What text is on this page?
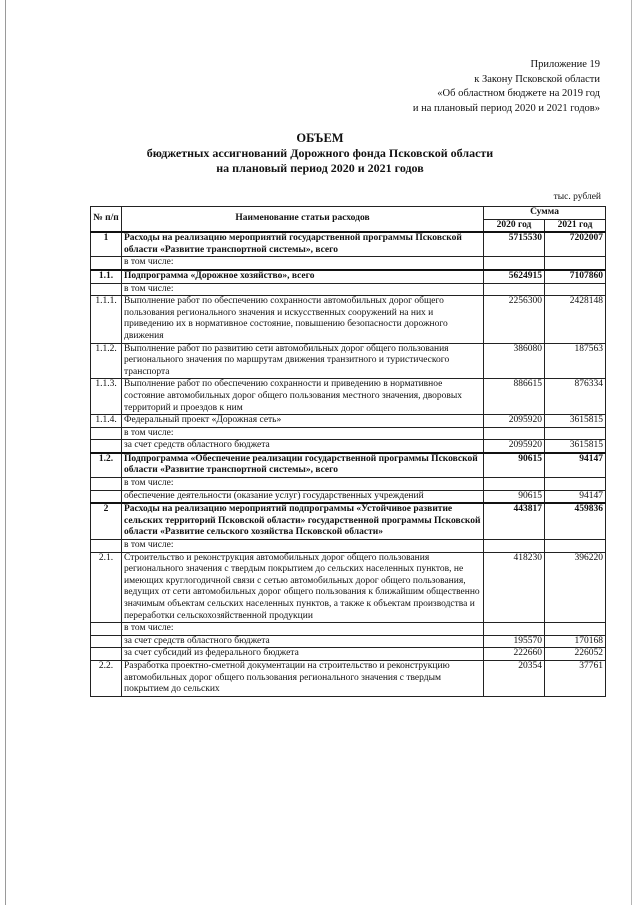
Приложение 19
к Закону Псковской области
«Об областном бюджете на 2019 год
и на плановый период 2020 и 2021 годов»
ОБЪЕМ
бюджетных ассигнований Дорожного фонда Псковской области
на плановый период 2020 и 2021 годов
тыс. рублей
№ п/п	Наименование статьи расходов	Сумма	
		2020 год	2021 год
1	Расходы на реализацию мероприятий государственной программы Псковской области «Развитие транспортной системы», всего	5715530	7202007
	в том числе:		
1.1.	Подпрограмма «Дорожное хозяйство», всего	5624915	7107860
	в том числе:		
1.1.1.	Выполнение работ по обеспечению сохранности автомобильных дорог общего пользования регионального значения и искусственных сооружений на них и приведению их в нормативное состояние, повышению безопасности дорожного движения	2256300	2428148
1.1.2.	Выполнение работ по развитию сети автомобильных дорог общего пользования регионального значения по маршрутам движения транзитного и туристического транспорта	386080	187563
1.1.3.	Выполнение работ по обеспечению сохранности и приведению в нормативное состояние автомобильных дорог общего пользования местного значения, дворовых территорий и проездов к ним	886615	876334
1.1.4.	Федеральный проект «Дорожная сеть»	2095920	3615815
	в том числе:		
	за счет средств областного бюджета	2095920	3615815
1.2.	Подпрограмма «Обеспечение реализации государственной программы Псковской области «Развитие транспортной системы», всего	90615	94147
	в том числе:		
	обеспечение деятельности (оказание услуг) государственных учреждений	90615	94147
2	Расходы на реализацию мероприятий подпрограммы «Устойчивое развитие сельских территорий Псковской области» государственной программы Псковской области «Развитие сельского хозяйства Псковской области»	443817	459836
	в том числе:		
2.1.	Строительство и реконструкция автомобильных дорог общего пользования регионального значения с твердым покрытием до сельских населенных пунктов, не имеющих круглогодичной связи с сетью автомобильных дорог общего пользования, ведущих от сети автомобильных дорог общего пользования к ближайшим общественно значимым объектам сельских населенных пунктов, а также к объектам производства и переработки сельскохозяйственной продукции	418230	396220
	в том числе:		
	за счет средств областного бюджета	195570	170168
	за счет субсидий из федерального бюджета	222660	226052
2.2.	Разработка проектно-сметной документации на строительство и реконструкцию автомобильных дорог общего пользования регионального значения с твердым покрытием до сельских	20354	37761
